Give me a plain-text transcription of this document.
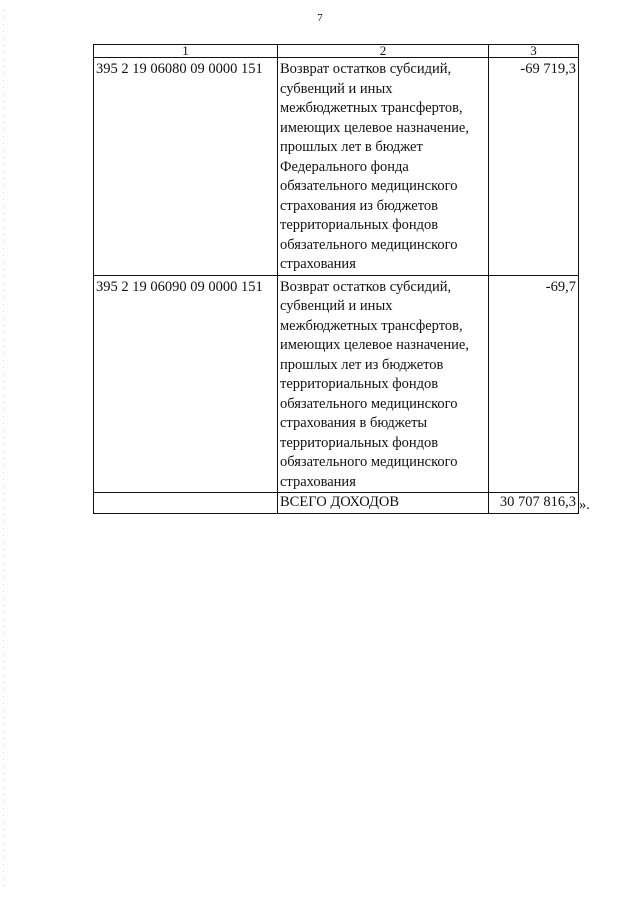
7
1	2	3
395 2 19 06080 09 0000 151	Возврат остатков субсидий, субвенций и иных межбюджетных трансфертов, имеющих целевое назначение, прошлых лет в бюджет Федерального фонда обязательного медицинского страхования из бюджетов территориальных фондов обязательного медицинского страхования	-69 719,3
395 2 19 06090 09 0000 151	Возврат остатков субсидий, субвенций и иных межбюджетных трансфертов, имеющих целевое назначение, прошлых лет из бюджетов территориальных фондов обязательного медицинского страхования в бюджеты территориальных фондов обязательного медицинского страхования	-69,7
	ВСЕГО ДОХОДОВ	30 707 816,3 ».
